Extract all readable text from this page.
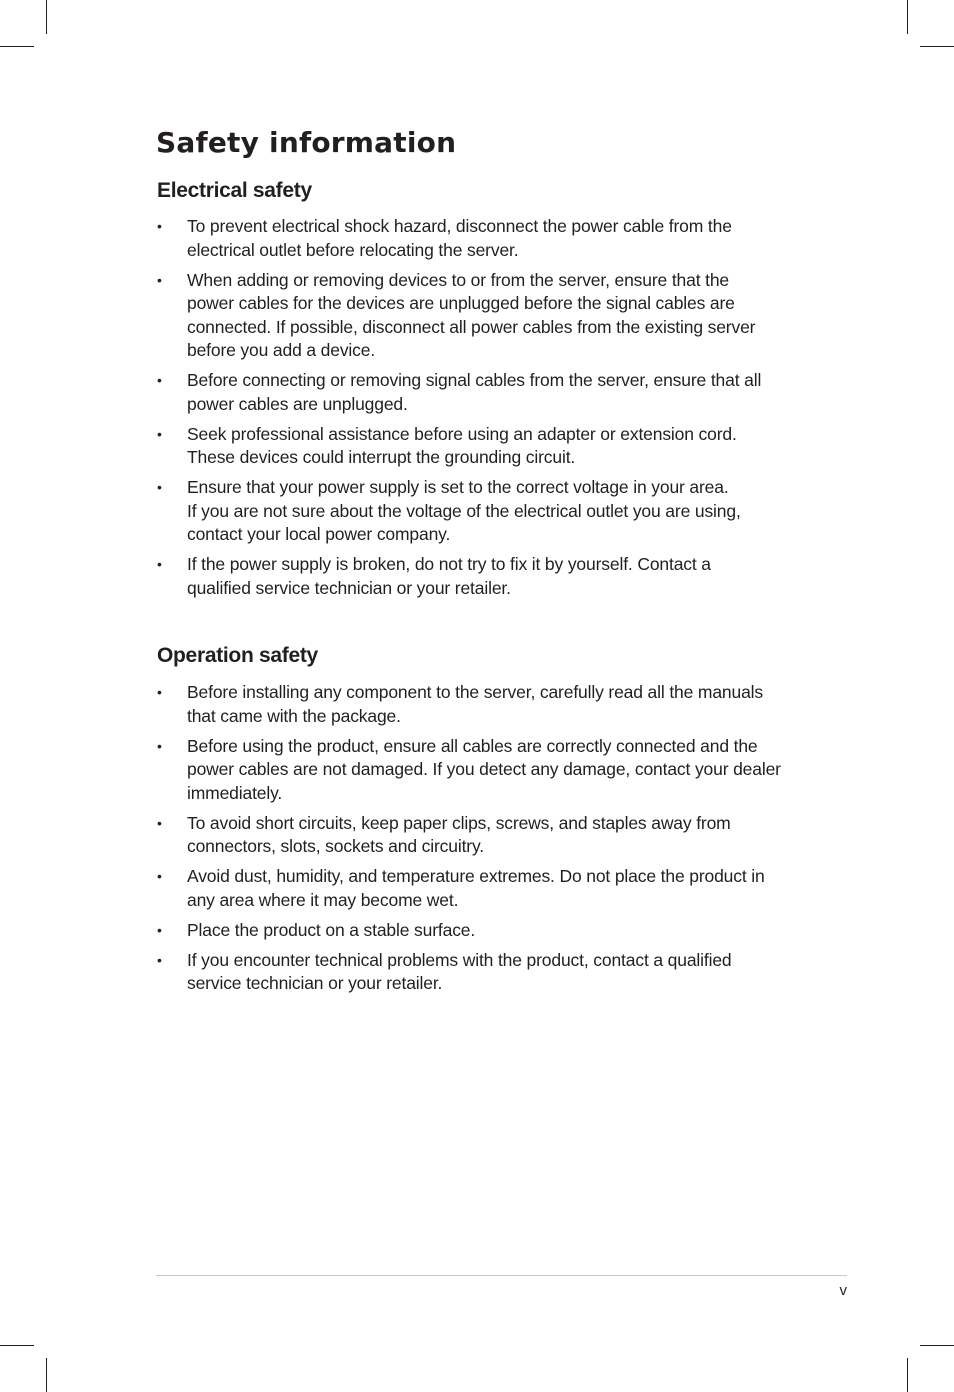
Safety information
Electrical safety
• To prevent electrical shock hazard, disconnect the power cable from the
electrical outlet before relocating the server.
• When adding or removing devices to or from the server, ensure that the
power cables for the devices are unplugged before the signal cables are
connected. If possible, disconnect all power cables from the existing server
before you add a device.
• Before connecting or removing signal cables from the server, ensure that all
power cables are unplugged.
• Seek professional assistance before using an adapter or extension cord.
These devices could interrupt the grounding circuit.
• Ensure that your power supply is set to the correct voltage in your area.
If you are not sure about the voltage of the electrical outlet you are using,
contact your local power company.
• If the power supply is broken, do not try to fix it by yourself. Contact a
qualified service technician or your retailer.
Operation safety
• Before installing any component to the server, carefully read all the manuals
that came with the package.
• Before using the product, ensure all cables are correctly connected and the
power cables are not damaged. If you detect any damage, contact your dealer
immediately.
• To avoid short circuits, keep paper clips, screws, and staples away from
connectors, slots, sockets and circuitry.
• Avoid dust, humidity, and temperature extremes. Do not place the product in
any area where it may become wet.
• Place the product on a stable surface.
• If you encounter technical problems with the product, contact a qualified
service technician or your retailer.
v
